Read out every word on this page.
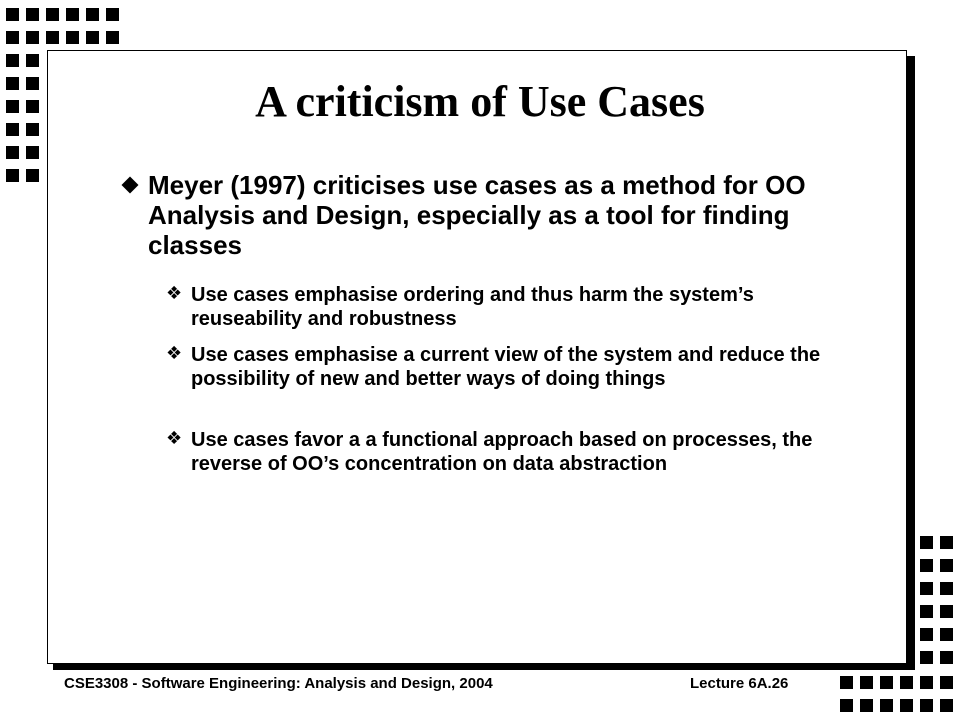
A criticism of Use Cases
Meyer (1997) criticises use cases as a method for OO Analysis and Design, especially as a tool for finding classes
❖ Use cases emphasise ordering and thus harm the system’s reuseability and robustness
❖ Use cases emphasise a current view of the system and reduce the possibility of new and better ways of doing things
❖ Use cases favor a a functional approach based on processes, the reverse of OO’s concentration on data abstraction
CSE3308 - Software Engineering: Analysis and Design, 2004	Lecture 6A.26
